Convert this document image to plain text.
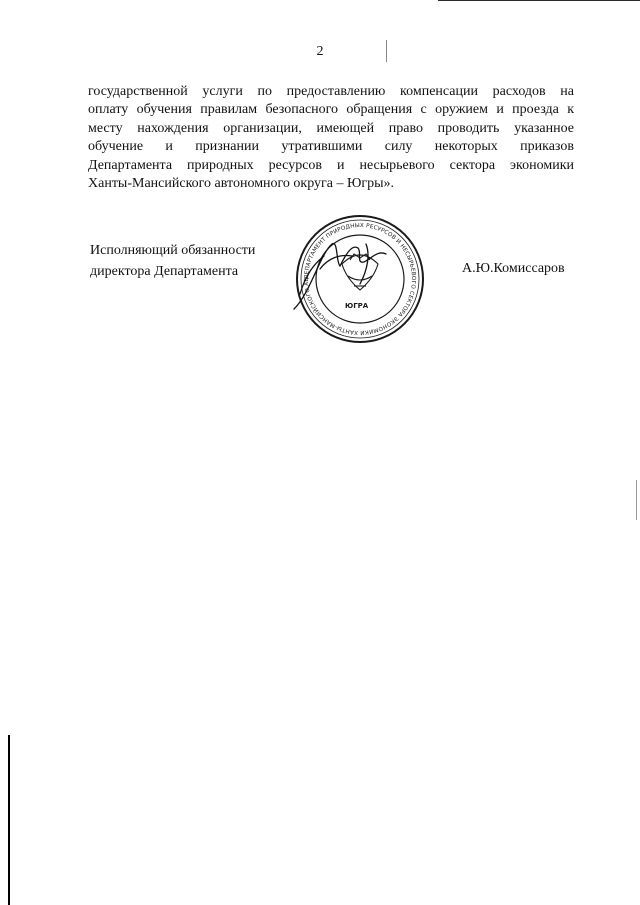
2
государственной услуги по предоставлению компенсации расходов на
оплату обучения правилам безопасного обращения с оружием и проезда к
месту нахождения организации, имеющей право проводить указанное
обучение и признании утратившими силу некоторых приказов
Департамента природных ресурсов и несырьевого сектора экономики
Ханты-Мансийского автономного округа – Югры».
Исполняющий обязанности
директора Департамента	ДЕПАРТАМЕНТ ПРИРОДНЫХ РЕСУРСОВ И НЕСЫРЬЕВОГО СЕКТОРА ЭКОНОМИКИ ХАНТЫ-МАНСИЙСКОГО АВ
ЮГРА
А.Ю.Комиссаров
